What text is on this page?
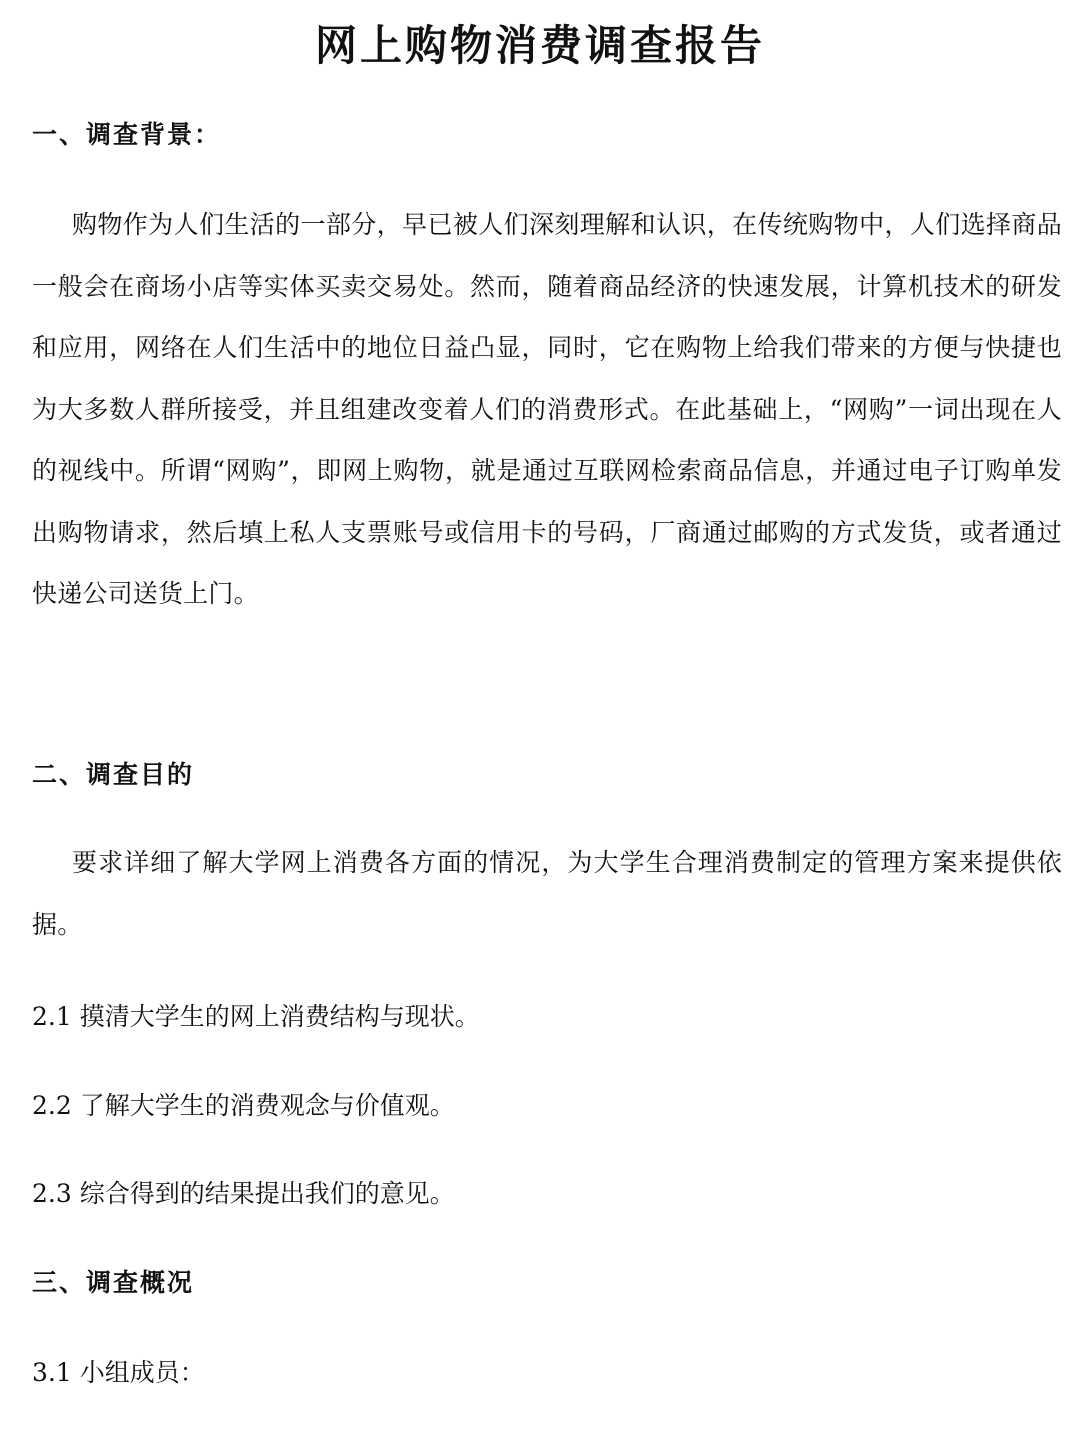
网上购物消费调查报告
一、调查背景：

购物作为人们生活的一部分，早已被人们深刻理解和认识，在传统购物中，人们选择商品一般会在商场小店等实体买卖交易处。然而，随着商品经济的快速发展，计算机技术的研发和应用，网络在人们生活中的地位日益凸显，同时，它在购物上给我们带来的方便与快捷也为大多数人群所接受，并且组建改变着人们的消费形式。在此基础上，“网购”一词出现在人的视线中。所谓“网购”，即网上购物，就是通过互联网检索商品信息，并通过电子订购单发出购物请求，然后填上私人支票账号或信用卡的号码，厂商通过邮购的方式发货，或者通过快递公司送货上门。

二、调查目的

要求详细了解大学网上消费各方面的情况，为大学生合理消费制定的管理方案来提供依据。

2.1 摸清大学生的网上消费结构与现状。

2.2 了解大学生的消费观念与价值观。

2.3 综合得到的结果提出我们的意见。

三、调查概况

3.1 小组成员：
